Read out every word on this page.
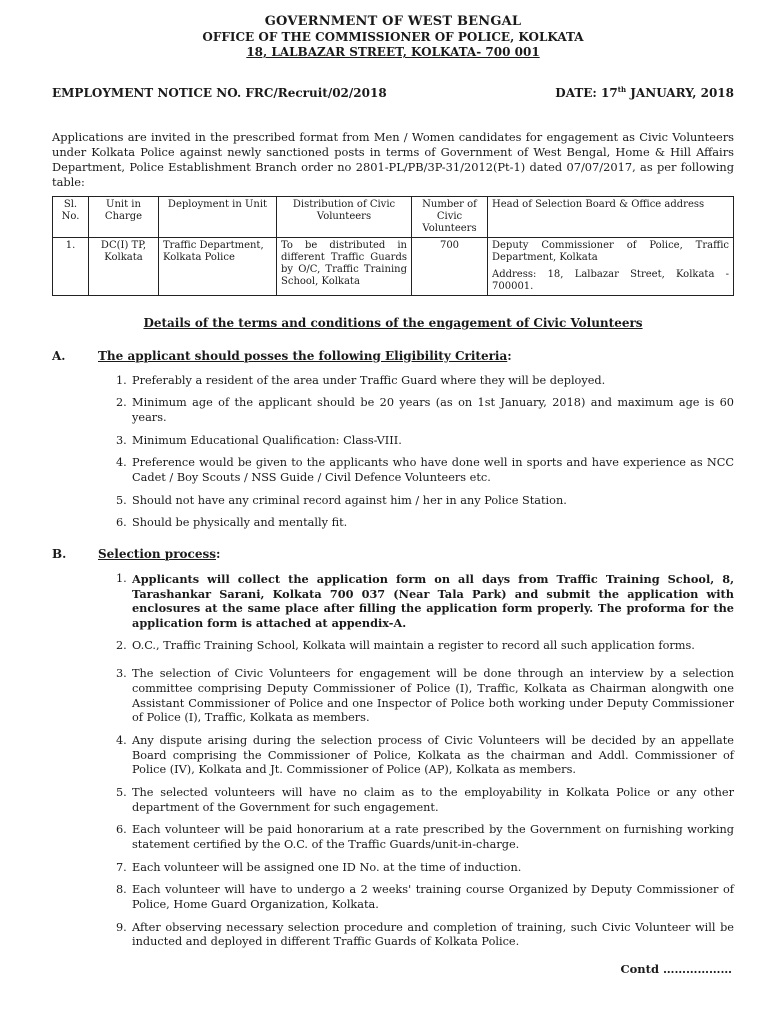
GOVERNMENT OF WEST BENGAL
OFFICE OF THE COMMISSIONER OF POLICE, KOLKATA
18, LALBAZAR STREET, KOLKATA- 700 001
EMPLOYMENT NOTICE NO. FRC/Recruit/02/2018	DATE: 17th JANUARY, 2018
Applications are invited in the prescribed format from Men / Women candidates for engagement as Civic Volunteers under Kolkata Police against newly sanctioned posts in terms of Government of West Bengal, Home & Hill Affairs Department, Police Establishment Branch order no 2801-PL/PB/3P-31/2012(Pt-1) dated 07/07/2017, as per following table:
Sl. No.	Unit in Charge	Deployment in Unit	Distribution of Civic Volunteers	Number of Civic Volunteers	Head of Selection Board & Office address
1.	DC(I) TP, Kolkata	Traffic Department, Kolkata Police	To be distributed in different Traffic Guards by O/C, Traffic Training School, Kolkata	700	Deputy Commissioner of Police, Traffic Department, Kolkata
Address: 18, Lalbazar Street, Kolkata - 700001.
Details of the terms and conditions of the engagement of Civic Volunteers
A.	The applicant should posses the following Eligibility Criteria:
1. Preferably a resident of the area under Traffic Guard where they will be deployed.
2. Minimum age of the applicant should be 20 years (as on 1st January, 2018) and maximum age is 60 years.
3. Minimum Educational Qualification: Class-VIII.
4. Preference would be given to the applicants who have done well in sports and have experience as NCC Cadet / Boy Scouts / NSS Guide / Civil Defence Volunteers etc.
5. Should not have any criminal record against him / her in any Police Station.
6. Should be physically and mentally fit.
B.	Selection process:
1. Applicants will collect the application form on all days from Traffic Training School, 8, Tarashankar Sarani, Kolkata 700 037 (Near Tala Park) and submit the application with enclosures at the same place after filling the application form properly. The proforma for the application form is attached at appendix-A.
2. O.C., Traffic Training School, Kolkata will maintain a register to record all such application forms.
3. The selection of Civic Volunteers for engagement will be done through an interview by a selection committee comprising Deputy Commissioner of Police (I), Traffic, Kolkata as Chairman alongwith one Assistant Commissioner of Police and one Inspector of Police both working under Deputy Commissioner of Police (I), Traffic, Kolkata as members.
4. Any dispute arising during the selection process of Civic Volunteers will be decided by an appellate Board comprising the Commissioner of Police, Kolkata as the chairman and Addl. Commissioner of Police (IV), Kolkata and Jt. Commissioner of Police (AP), Kolkata as members.
5. The selected volunteers will have no claim as to the employability in Kolkata Police or any other department of the Government for such engagement.
6. Each volunteer will be paid honorarium at a rate prescribed by the Government on furnishing working statement certified by the O.C. of the Traffic Guards/unit-in-charge.
7. Each volunteer will be assigned one ID No. at the time of induction.
8. Each volunteer will have to undergo a 2 weeks' training course Organized by Deputy Commissioner of Police, Home Guard Organization, Kolkata.
9. After observing necessary selection procedure and completion of training, such Civic Volunteer will be inducted and deployed in different Traffic Guards of Kolkata Police.
Contd ………………
